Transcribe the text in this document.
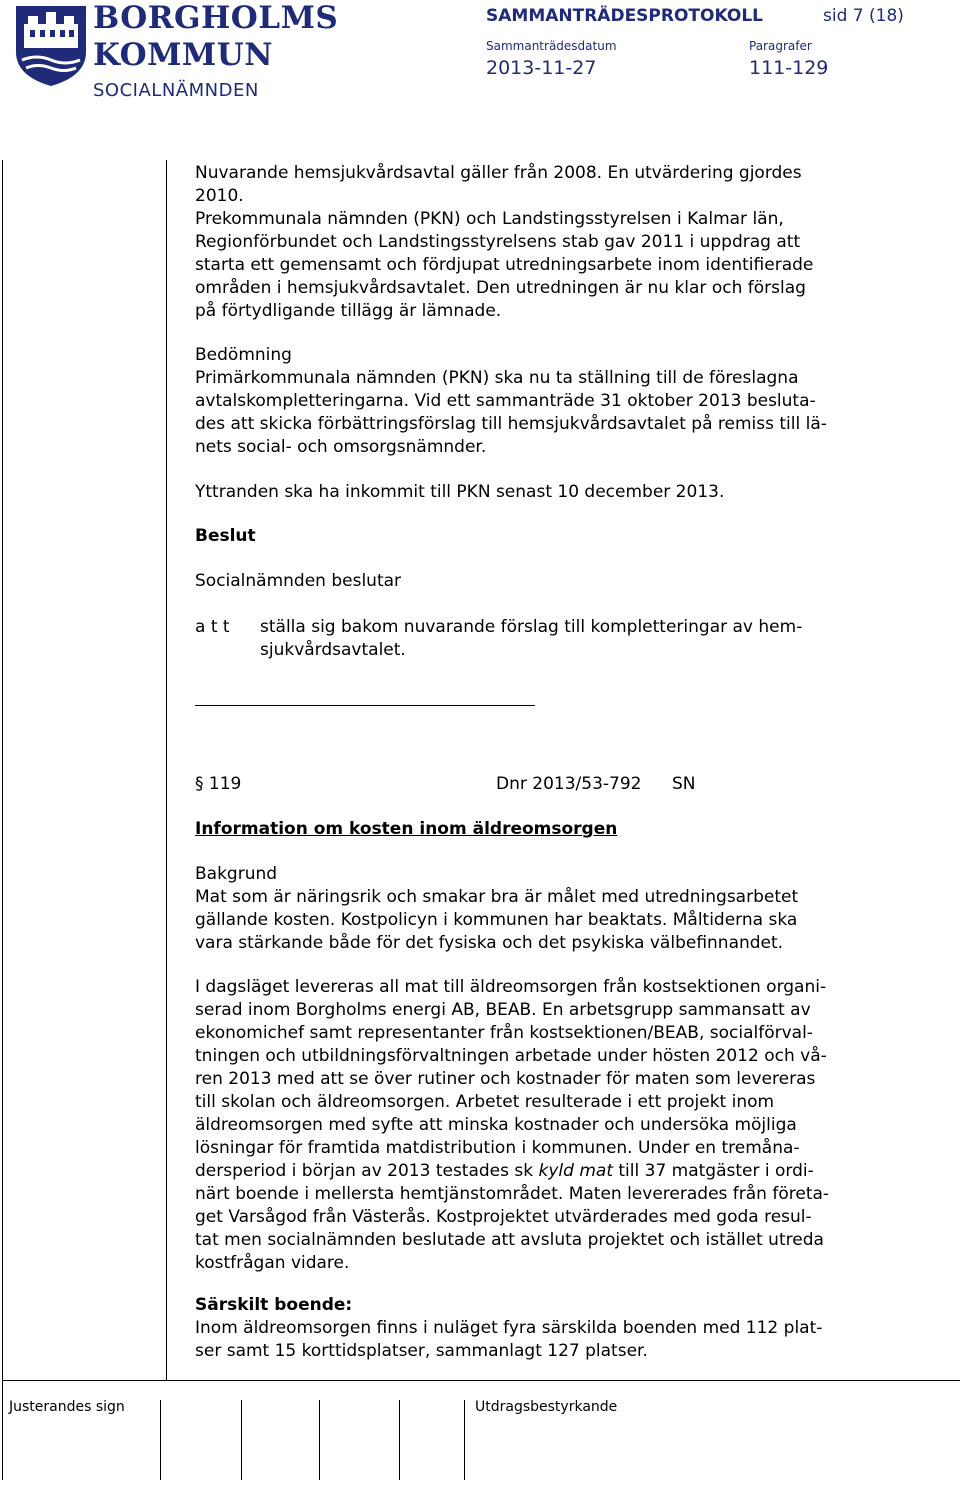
BORGHOLMS
KOMMUN
SOCIALNÄMNDEN
SAMMANTRÄDESPROTOKOLL	sid 7 (18)
Sammanträdesdatum	Paragrafer
2013-11-27	111-129

Nuvarande hemsjukvårdsavtal gäller från 2008. En utvärdering gjordes

2010.

Prekommunala nämnden (PKN) och Landstingsstyrelsen i Kalmar län,

Regionförbundet och Landstingsstyrelsens stab gav 2011 i uppdrag att

starta ett gemensamt och fördjupat utredningsarbete inom identifierade

områden i hemsjukvårdsavtalet. Den utredningen är nu klar och förslag

på förtydligande tillägg är lämnade.

Bedömning

Primärkommunala nämnden (PKN) ska nu ta ställning till de föreslagna

avtalskompletteringarna. Vid ett sammanträde 31 oktober 2013 besluta-

des att skicka förbättringsförslag till hemsjukvårdsavtalet på remiss till lä-

nets social- och omsorgsnämnder.

Yttranden ska ha inkommit till PKN senast 10 december 2013.
Beslut
Socialnämnden beslutar
a t t	ställa sig bakom nuvarande förslag till kompletteringar av hem-

sjukvårdsavtalet.

§ 119	Dnr 2013/53-792	SN
Information om kosten inom äldreomsorgen
Bakgrund

Mat som är näringsrik och smakar bra är målet med utredningsarbetet

gällande kosten. Kostpolicyn i kommunen har beaktats. Måltiderna ska

vara stärkande både för det fysiska och det psykiska välbefinnandet.

I dagsläget levereras all mat till äldreomsorgen från kostsektionen organi-

serad inom Borgholms energi AB, BEAB. En arbetsgrupp sammansatt av

ekonomichef samt representanter från kostsektionen/BEAB, socialförval-

tningen och utbildningsförvaltningen arbetade under hösten 2012 och vå-

ren 2013 med att se över rutiner och kostnader för maten som levereras

till skolan och äldreomsorgen. Arbetet resulterade i ett projekt inom

äldreomsorgen med syfte att minska kostnader och undersöka möjliga

lösningar för framtida matdistribution i kommunen. Under en tremåna-

dersperiod i början av 2013 testades sk kyld mat till 37 matgäster i ordi-

närt boende i mellersta hemtjänstområdet. Maten levererades från företa-

get Varsågod från Västerås. Kostprojektet utvärderades med goda resul-

tat men socialnämnden beslutade att avsluta projektet och istället utreda

kostfrågan vidare.

Särskilt boende:

Inom äldreomsorgen finns i nuläget fyra särskilda boenden med 112 plat-

ser samt 15 korttidsplatser, sammanlagt 127 platser.

Justerandes sign	Utdragsbestyrkande
